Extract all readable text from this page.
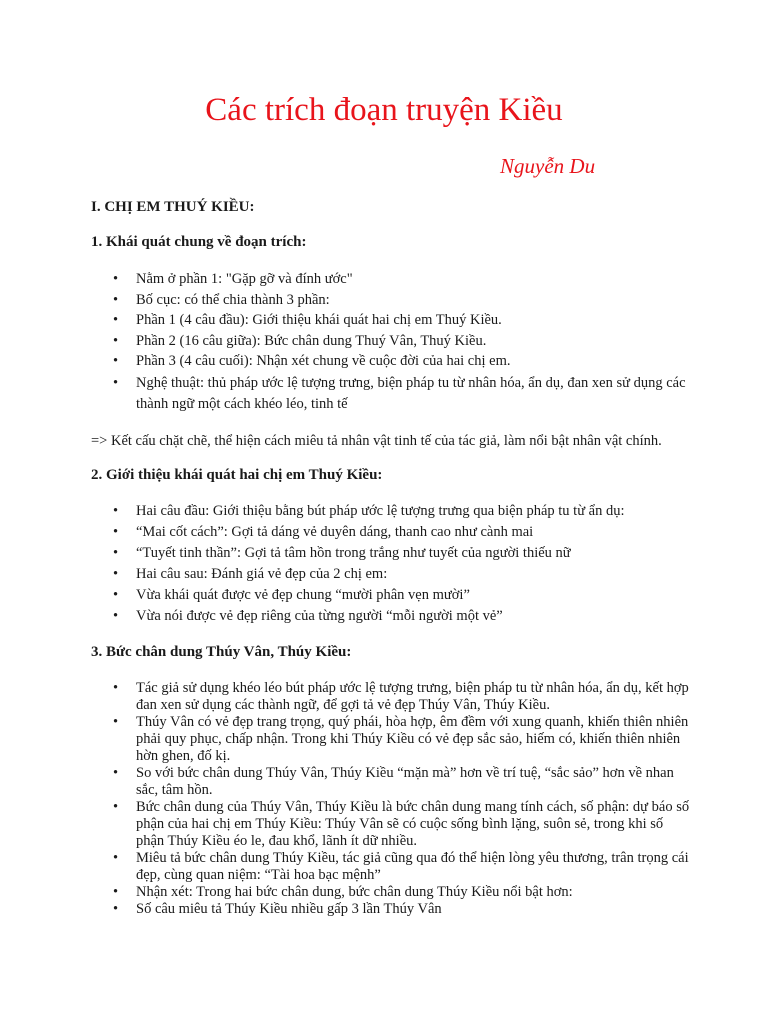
Các trích đoạn truyện Kiều
Nguyễn Du
I. CHỊ EM THUÝ KIỀU:
1. Khái quát chung về đoạn trích:
• Nằm ở phần 1: "Gặp gỡ và đính ước"
• Bố cục: có thể chia thành 3 phần:
• Phần 1 (4 câu đầu): Giới thiệu khái quát hai chị em Thuý Kiều.
• Phần 2 (16 câu giữa): Bức chân dung Thuý Vân, Thuý Kiều.
• Phần 3 (4 câu cuối): Nhận xét chung về cuộc đời của hai chị em.
• Nghệ thuật: thủ pháp ước lệ tượng trưng, biện pháp tu từ nhân hóa, ẩn dụ, đan xen sử dụng các thành ngữ một cách khéo léo, tinh tế

=> Kết cấu chặt chẽ, thể hiện cách miêu tả nhân vật tinh tế của tác giả, làm nổi bật nhân vật chính.

2. Giới thiệu khái quát hai chị em Thuý Kiều:
• Hai câu đầu: Giới thiệu bằng bút pháp ước lệ tượng trưng qua biện pháp tu từ ẩn dụ:
• “Mai cốt cách”: Gợi tả dáng vẻ duyên dáng, thanh cao như cành mai
• “Tuyết tinh thần”: Gợi tả tâm hồn trong trắng như tuyết của người thiếu nữ
• Hai câu sau: Đánh giá vẻ đẹp của 2 chị em:
• Vừa khái quát được vẻ đẹp chung “mười phân vẹn mười”
• Vừa nói được vẻ đẹp riêng của từng người “mỗi người một vẻ”
3. Bức chân dung Thúy Vân, Thúy Kiều:
• Tác giả sử dụng khéo léo bút pháp ước lệ tượng trưng, biện pháp tu từ nhân hóa, ẩn dụ, kết hợp đan xen sử dụng các thành ngữ, để gợi tả vẻ đẹp Thúy Vân, Thúy Kiều.
• Thúy Vân có vẻ đẹp trang trọng, quý phái, hòa hợp, êm đềm với xung quanh, khiến thiên nhiên phải quy phục, chấp nhận. Trong khi Thúy Kiều có vẻ đẹp sắc sảo, hiếm có, khiến thiên nhiên hờn ghen, đố kị.
• So với bức chân dung Thúy Vân, Thúy Kiều “mặn mà” hơn về trí tuệ, “sắc sảo” hơn về nhan sắc, tâm hồn.
• Bức chân dung của Thúy Vân, Thúy Kiều là bức chân dung mang tính cách, số phận: dự báo số phận của hai chị em Thúy Kiều: Thúy Vân sẽ có cuộc sống bình lặng, suôn sẻ, trong khi số phận Thúy Kiều éo le, đau khổ, lãnh ít dữ nhiều.
• Miêu tả bức chân dung Thúy Kiều, tác giả cũng qua đó thể hiện lòng yêu thương, trân trọng cái đẹp, cùng quan niệm: “Tài hoa bạc mệnh”
• Nhận xét: Trong hai bức chân dung, bức chân dung Thúy Kiều nổi bật hơn:
• Số câu miêu tả Thúy Kiều nhiều gấp 3 lần Thúy Vân
